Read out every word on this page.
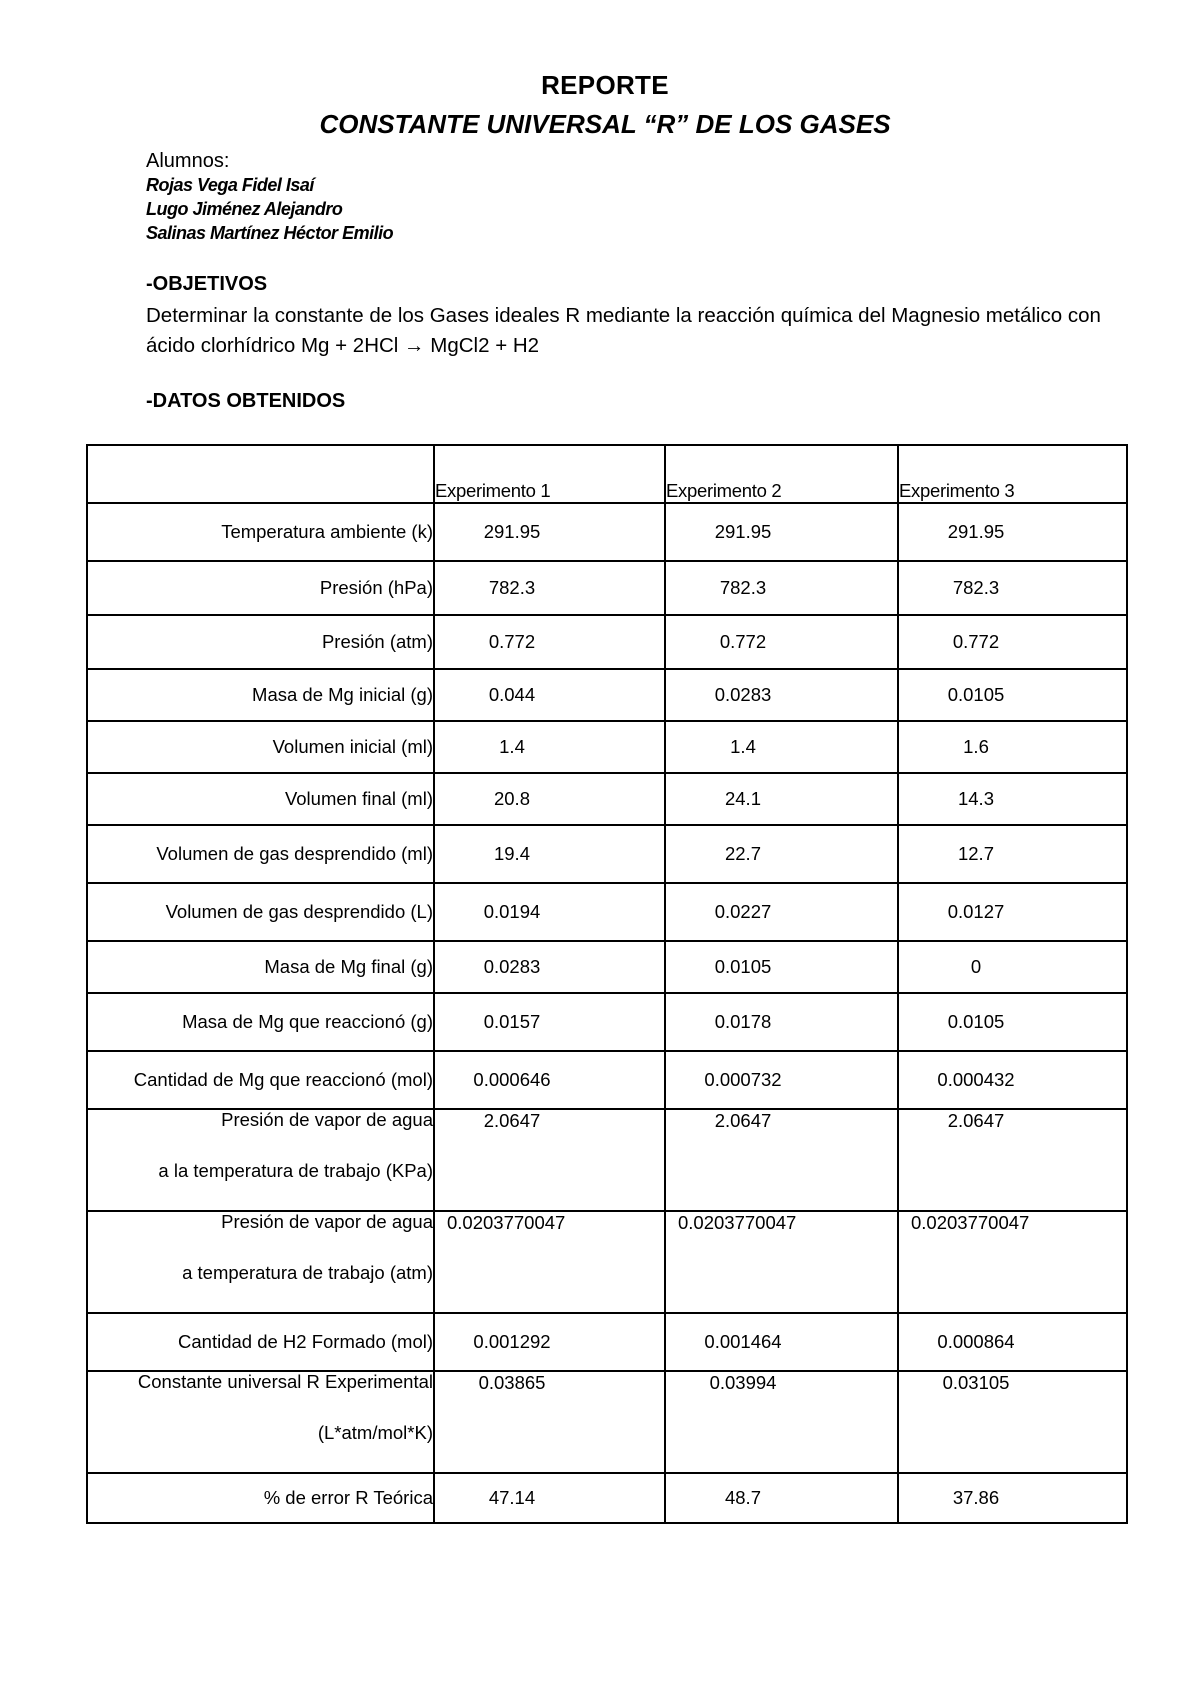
REPORTE
CONSTANTE UNIVERSAL “R” DE LOS GASES
Alumnos:
Rojas Vega Fidel Isaí
Lugo Jiménez Alejandro
Salinas Martínez Héctor Emilio
-OBJETIVOS

Determinar la constante de los Gases ideales R mediante la reacción química del Magnesio metálico con ácido clorhídrico Mg + 2HCl → MgCl2 + H2

-DATOS OBTENIDOS
	Experimento 1	Experimento 2	Experimento 3
Temperatura ambiente (k)	291.95	291.95	291.95
Presión (hPa)	782.3	782.3	782.3
Presión (atm)	0.772	0.772	0.772
Masa de Mg inicial (g)	0.044	0.0283	0.0105
Volumen inicial (ml)	1.4	1.4	1.6
Volumen final (ml)	20.8	24.1	14.3
Volumen de gas desprendido (ml)	19.4	22.7	12.7
Volumen de gas desprendido (L)	0.0194	0.0227	0.0127
Masa de Mg final (g)	0.0283	0.0105	0
Masa de Mg que reaccionó (g)	0.0157	0.0178	0.0105
Cantidad de Mg que reaccionó (mol)	0.000646	0.000732	0.000432

Presión de vapor de agua
a la temperatura de trabajo (KPa)	2.0647	2.0647	2.0647

Presión de vapor de agua
a temperatura de trabajo (atm)	0.0203770047	0.0203770047	0.0203770047
Cantidad de H2 Formado (mol)	0.001292	0.001464	0.000864

Constante universal R Experimental
(L*atm/mol*K)	0.03865	0.03994	0.03105
% de error R Teórica	47.14	48.7	37.86
